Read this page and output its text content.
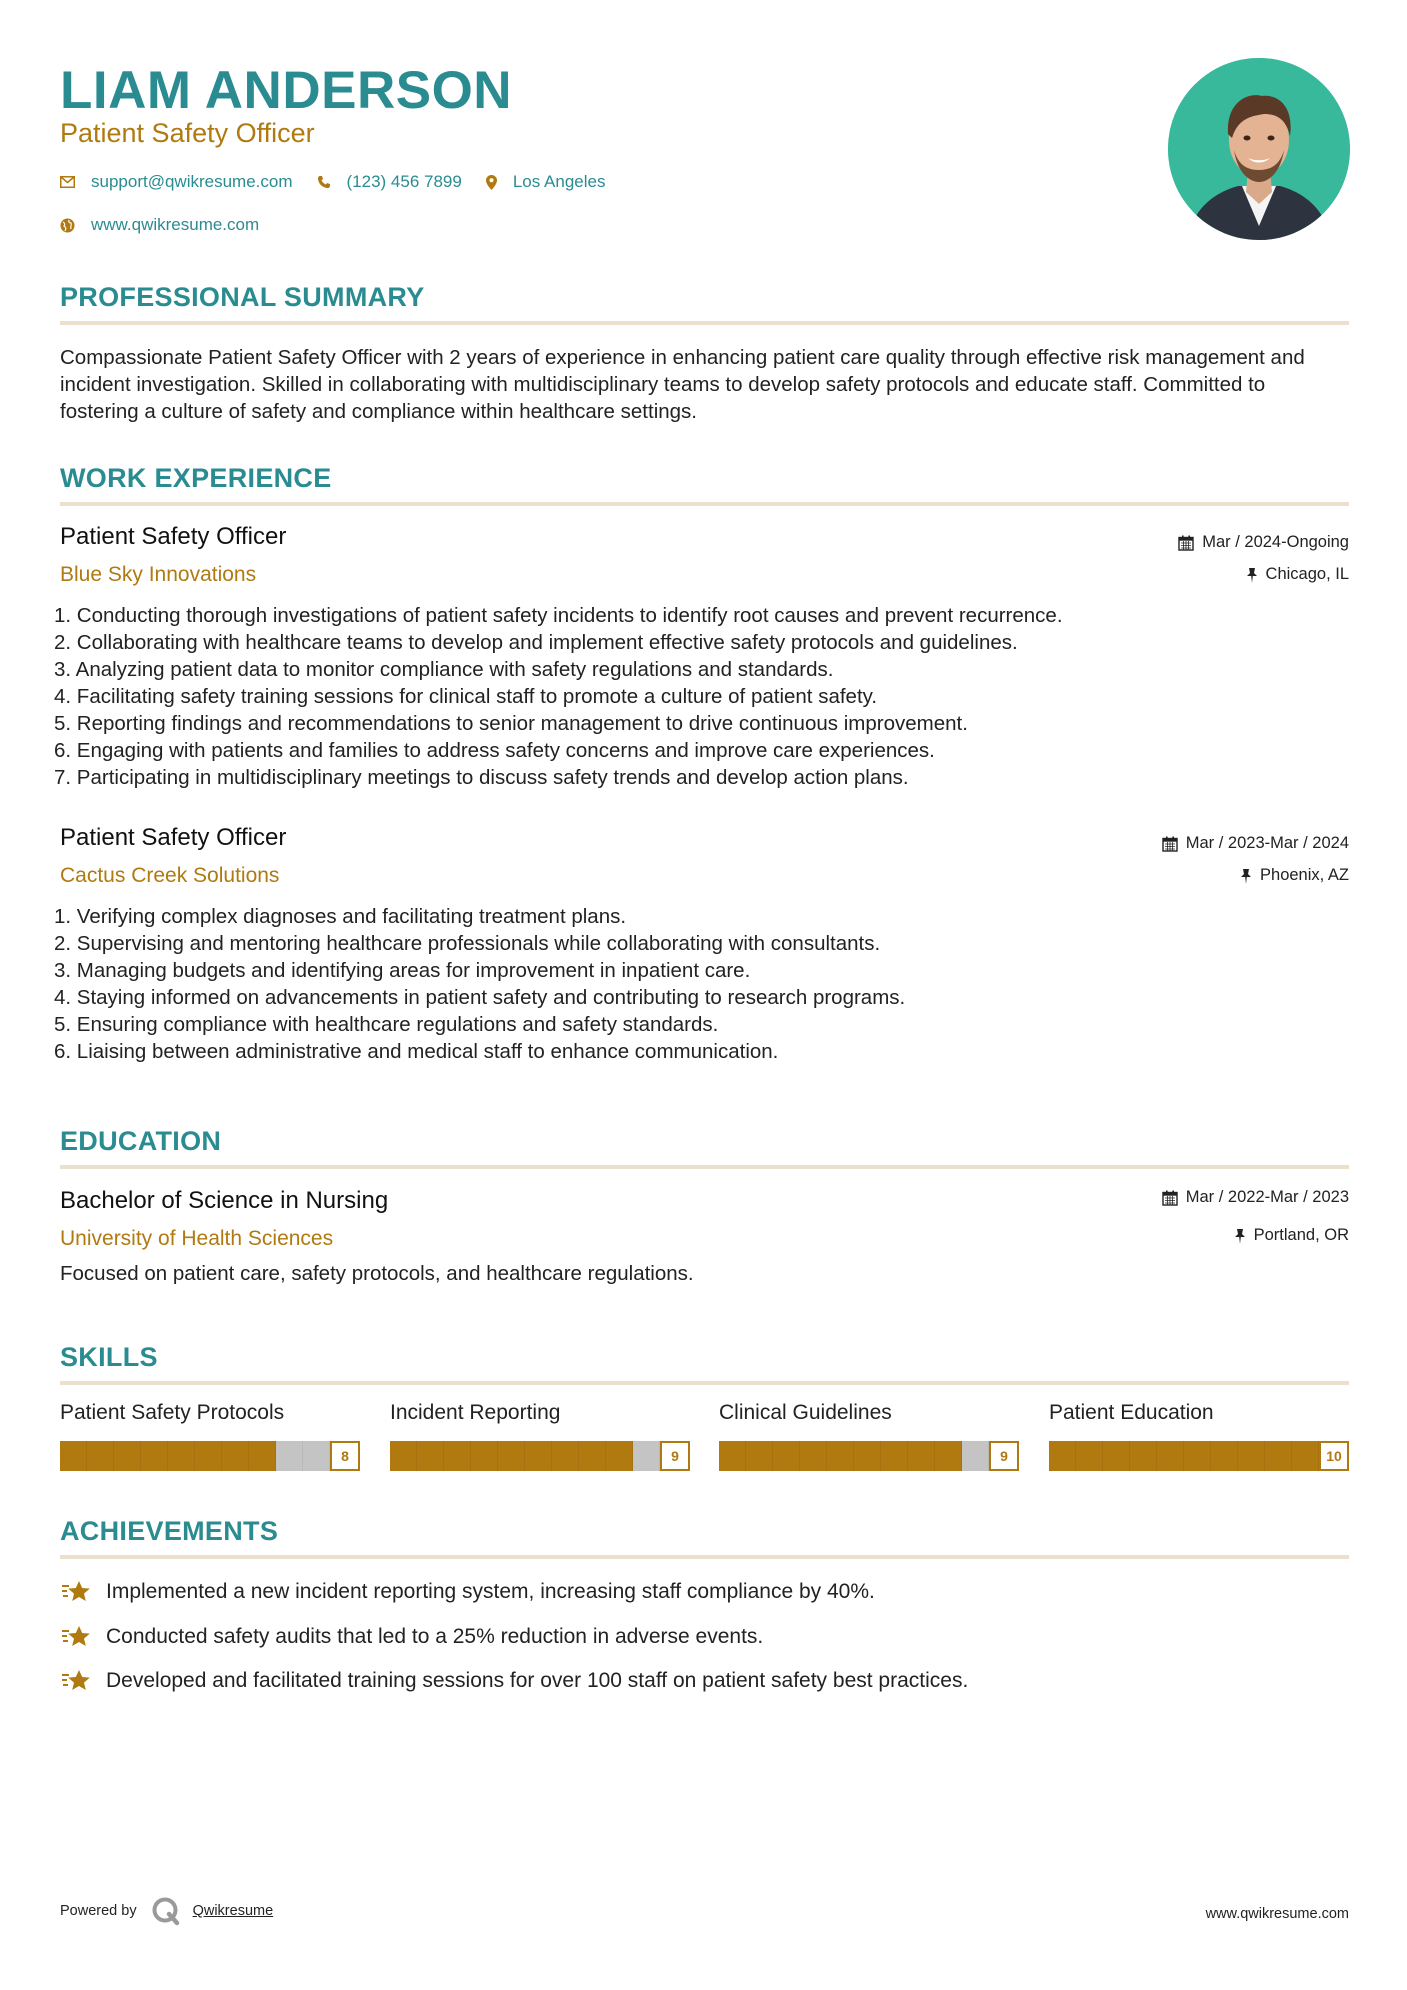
LIAM ANDERSON
Patient Safety Officer
support@qwikresume.com	(123) 456 7899	Los Angeles
www.qwikresume.com
PROFESSIONAL SUMMARY
Compassionate Patient Safety Officer with 2 years of experience in enhancing patient care quality through effective risk management and incident investigation. Skilled in collaborating with multidisciplinary teams to develop safety protocols and educate staff. Committed to fostering a culture of safety and compliance within healthcare settings.
WORK EXPERIENCE
Patient Safety Officer
Blue Sky Innovations
Mar / 2024-Ongoing
Chicago, IL
1. Conducting thorough investigations of patient safety incidents to identify root causes and prevent recurrence.
2. Collaborating with healthcare teams to develop and implement effective safety protocols and guidelines.
3. Analyzing patient data to monitor compliance with safety regulations and standards.
4. Facilitating safety training sessions for clinical staff to promote a culture of patient safety.
5. Reporting findings and recommendations to senior management to drive continuous improvement.
6. Engaging with patients and families to address safety concerns and improve care experiences.
7. Participating in multidisciplinary meetings to discuss safety trends and develop action plans.
Patient Safety Officer
Cactus Creek Solutions
Mar / 2023-Mar / 2024
Phoenix, AZ
1. Verifying complex diagnoses and facilitating treatment plans.
2. Supervising and mentoring healthcare professionals while collaborating with consultants.
3. Managing budgets and identifying areas for improvement in inpatient care.
4. Staying informed on advancements in patient safety and contributing to research programs.
5. Ensuring compliance with healthcare regulations and safety standards.
6. Liaising between administrative and medical staff to enhance communication.
EDUCATION
Bachelor of Science in Nursing
University of Health Sciences
Mar / 2022-Mar / 2023
Portland, OR
Focused on patient care, safety protocols, and healthcare regulations.
SKILLS
Patient Safety Protocols
8
Incident Reporting
9
Clinical Guidelines
9
Patient Education
10
ACHIEVEMENTS
Implemented a new incident reporting system, increasing staff compliance by 40%.
Conducted safety audits that led to a 25% reduction in adverse events.
Developed and facilitated training sessions for over 100 staff on patient safety best practices.
Powered by	Qwikresume	www.qwikresume.com
